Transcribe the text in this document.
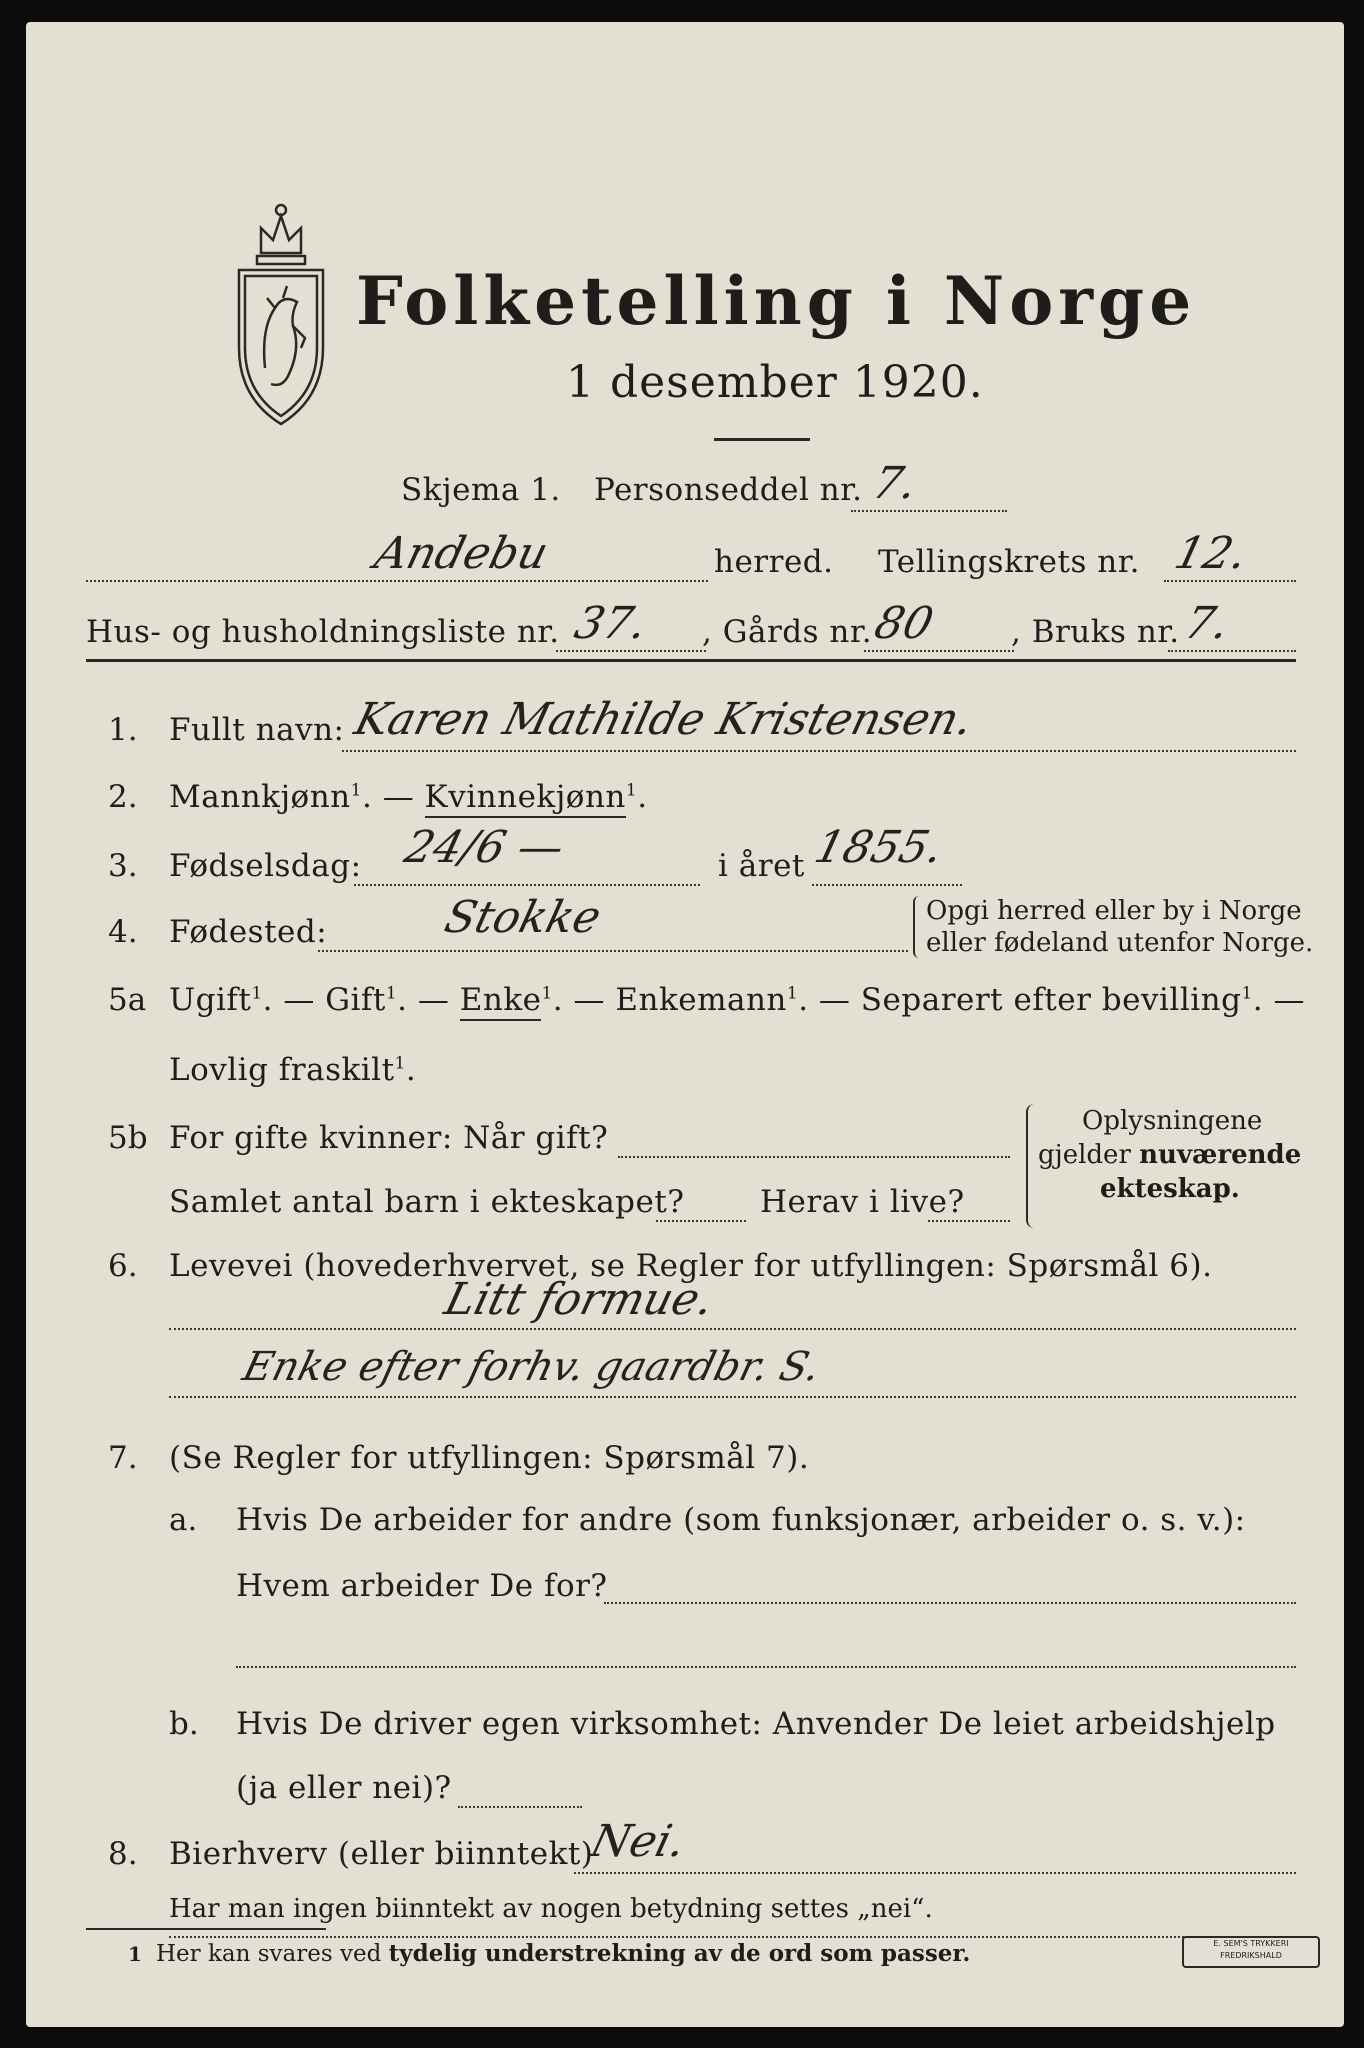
Folketelling i Norge
1 desember 1920.
Skjema 1. Personseddel nr. 7.
Andebu	herred. Tellingskrets nr. 12.
Hus- og husholdningsliste nr. 37. , Gårds nr.
80 , Bruks nr. 7.
1. Fullt navn: Karen Mathilde Kristensen.
2. Mannkjønn$^1$. — Kvinnekjønn$^1$.
3. Fødselsdag: 24/6 —	i året 1855.
4. Fødested:	Stokke	Opgi herred eller by i Norge
eller fødeland utenfor Norge.
5a Ugift$^1$. — Gift$^1$. — Enke$^1$. — Enkemann$^1$. — Separert efter bevilling$^1$. —
Lovlig fraskilt$^1$.
5b For gifte kvinner: Når gift?
Samlet antal barn i ekteskapet? Herav i live?
Oplysningene
gjelder nuværende
ekteskap.
6. Levevei (hovederhvervet, se Regler for utfyllingen: Spørsmål 6).
Litt formue.
Enke efter forhv. gaardbr. S.
7. (Se Regler for utfyllingen: Spørsmål 7).
a. Hvis De arbeider for andre (som funksjonær, arbeider o. s. v.):
Hvem arbeider De for?
b. Hvis De driver egen virksomhet: Anvender De leiet arbeidshjelp
(ja eller nei)?
8. Bierhverv (eller biinntekt)
Nei.
Har man ingen biinntekt av nogen betydning settes „nei“.
1 Her kan svares ved tydelig understrekning av de ord som passer.	E. SEM'S TRYKKERI
FREDRIKSHALD
